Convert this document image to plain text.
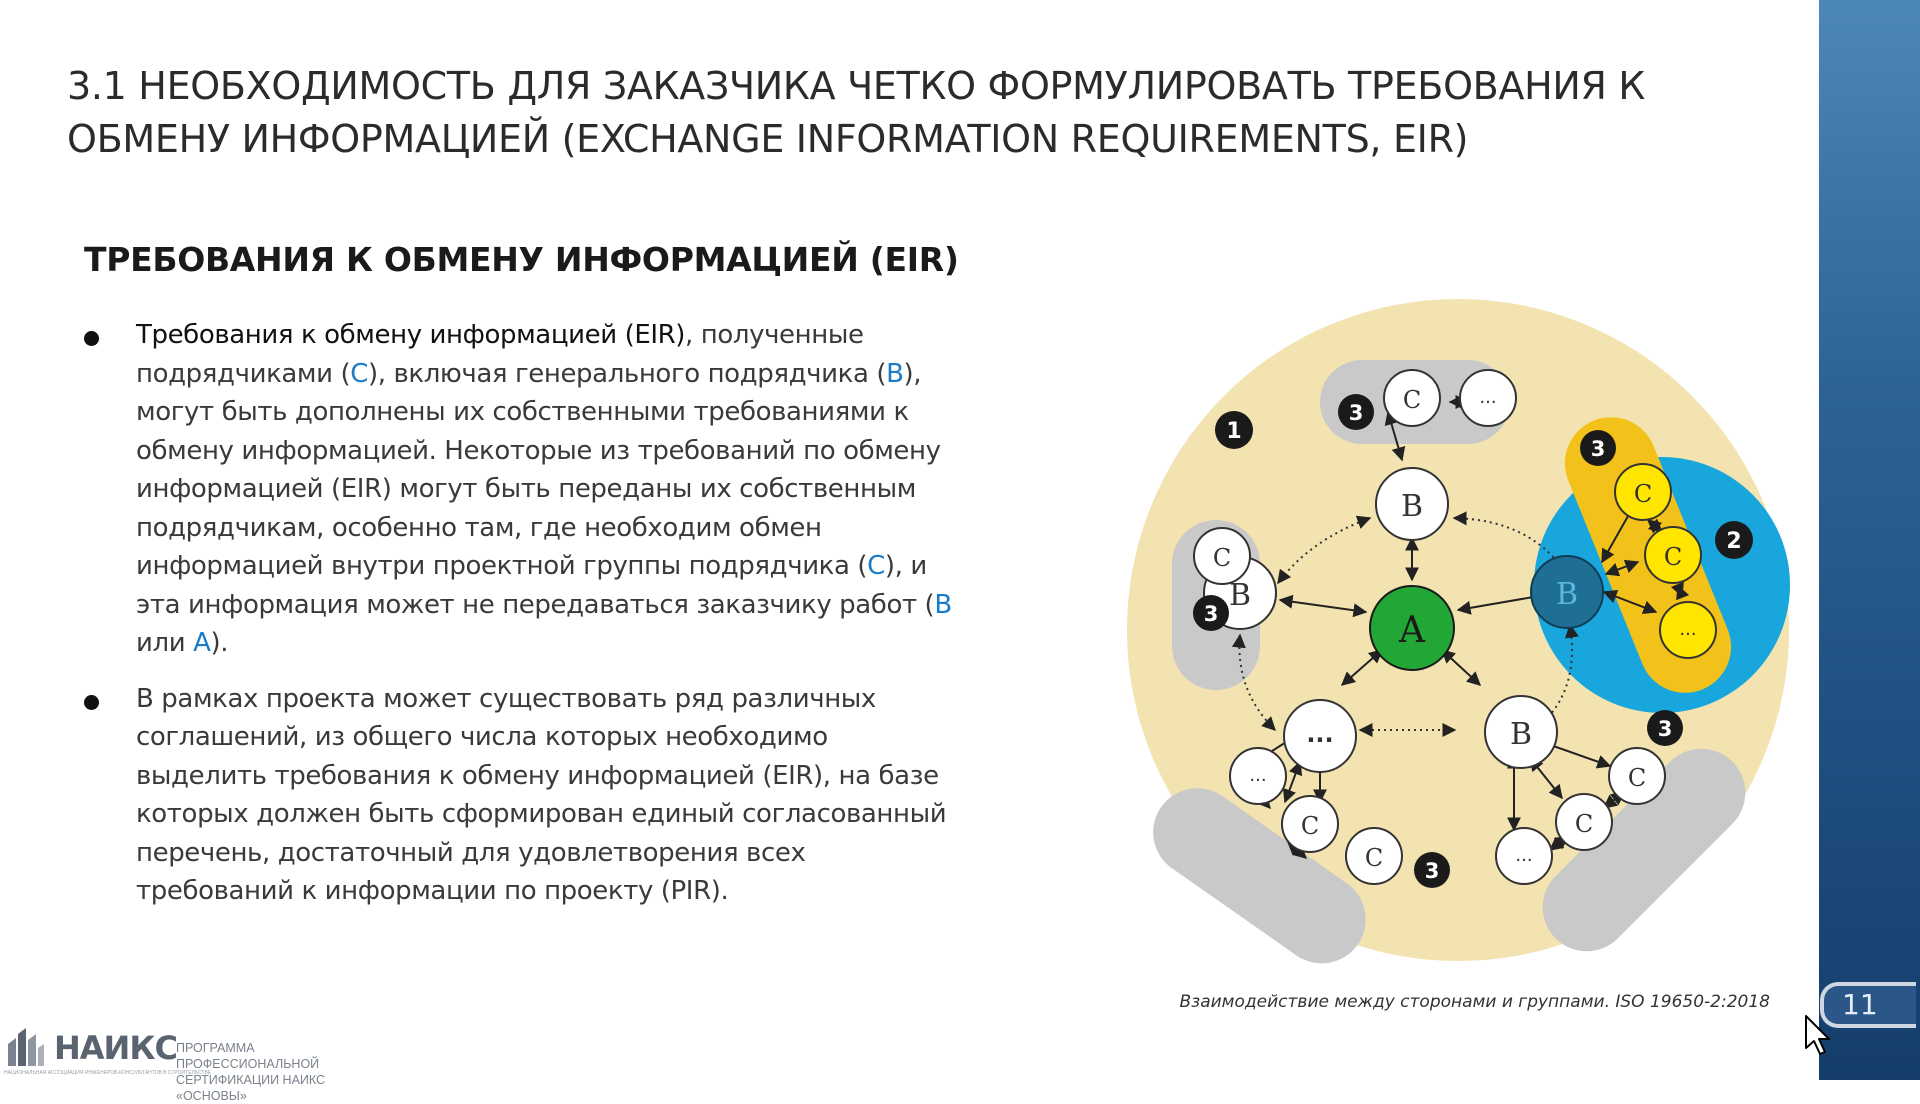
11
3.1 НЕОБХОДИМОСТЬ ДЛЯ ЗАКАЗЧИКА ЧЕТКО ФОРМУЛИРОВАТЬ ТРЕБОВАНИЯ К ОБМЕНУ ИНФОРМАЦИЕЙ (EXCHANGE INFORMATION REQUIREMENTS, EIR)
ТРЕБОВАНИЯ К ОБМЕНУ ИНФОРМАЦИЕЙ (EIR)
Требования к обмену информацией (EIR), полученные подрядчиками (C), включая генерального подрядчика (B), могут быть дополнены их собственными требованиями к обмену информацией. Некоторые из требований по обмену информацией (EIR) могут быть переданы их собственным подрядчикам, особенно там, где необходим обмен информацией внутри проектной группы подрядчика (C), и эта информация может не передаваться заказчику работ (B или A).
В рамках проекта может существовать ряд различных соглашений, из общего числа которых необходимо выделить требования к обмену информацией (EIR), на базе которых должен быть сформирован единый согласованный перечень, достаточный для удовлетворения всех требований к информации по проекту (PIR).
B
B
A
B
...	B
C	...
C
...
C
C
C
C
...
C
C
...
1
2
3
3
3
3
3
Взаимодействие между сторонами и группами. ISO 19650-2:2018
НАИКС ПРОГРАММА ПРОФЕССИОНАЛЬНОЙ
СЕРТИФИКАЦИИ НАИКС «ОСНОВЫ»
НАЦИОНАЛЬНАЯ АССОЦИАЦИЯ ИНЖЕНЕРОВ-КОНСУЛЬТАНТОВ В СТРОИТЕЛЬСТВЕ
